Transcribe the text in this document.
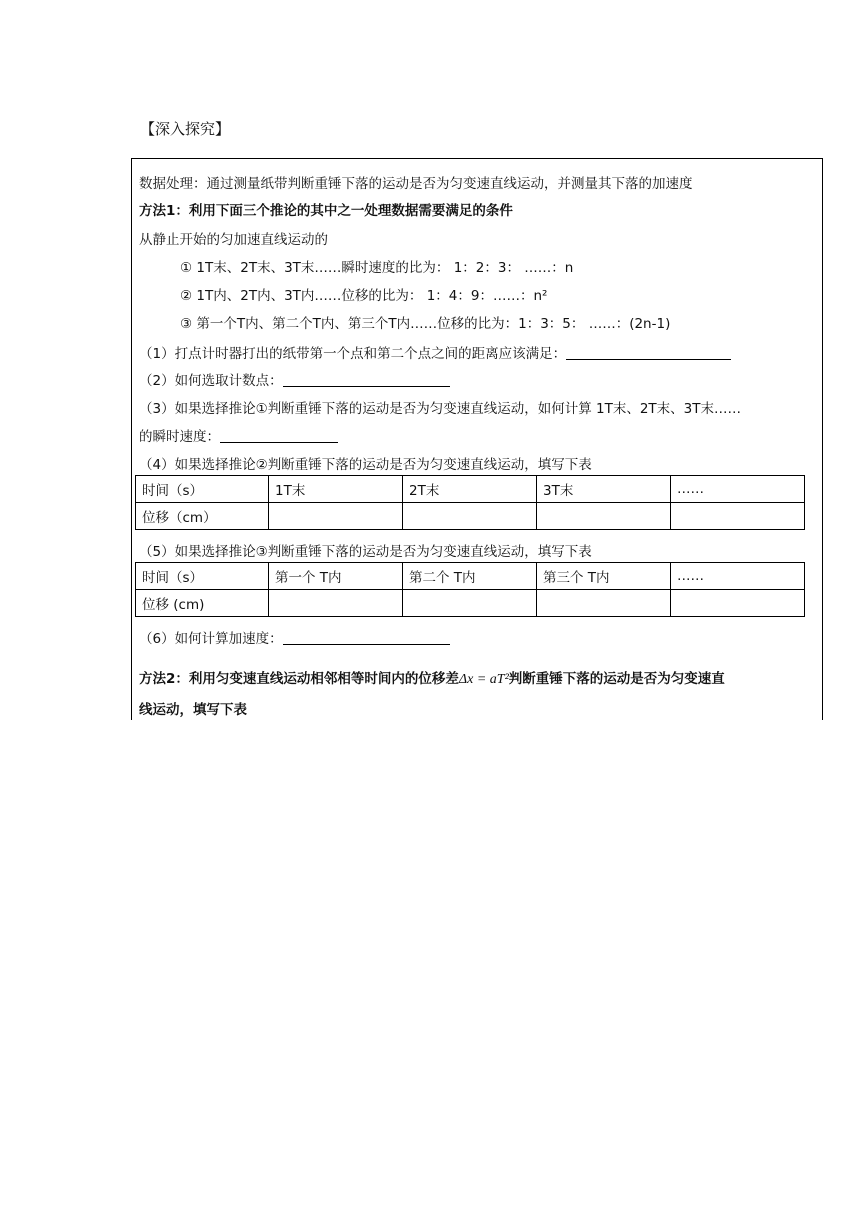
【深入探究】
数据处理：通过测量纸带判断重锤下落的运动是否为匀变速直线运动，并测量其下落的加速度
方法1：利用下面三个推论的其中之一处理数据需要满足的条件
从静止开始的匀加速直线运动的
① 1T末、2T末、3T末……瞬时速度的比为： 1：2：3： ……：n
② 1T内、2T内、3T内……位移的比为： 1：4：9：……：n²
③ 第一个T内、第二个T内、第三个T内……位移的比为：1：3：5： ……：(2n-1)
（1）打点计时器打出的纸带第一个点和第二个点之间的距离应该满足：
（2）如何选取计数点：
（3）如果选择推论①判断重锤下落的运动是否为匀变速直线运动，如何计算 1T末、2T末、3T末……
的瞬时速度：
（4）如果选择推论②判断重锤下落的运动是否为匀变速直线运动，填写下表
时间（s）	1T末	2T末	3T末	……
位移（cm）				
（5）如果选择推论③判断重锤下落的运动是否为匀变速直线运动，填写下表
时间（s）	第一个 T内	第二个 T内	第三个 T内	……
位移 (cm)				
（6）如何计算加速度：
方法2：利用匀变速直线运动相邻相等时间内的位移差Δx = aT²判断重锤下落的运动是否为匀变速直
线运动，填写下表
